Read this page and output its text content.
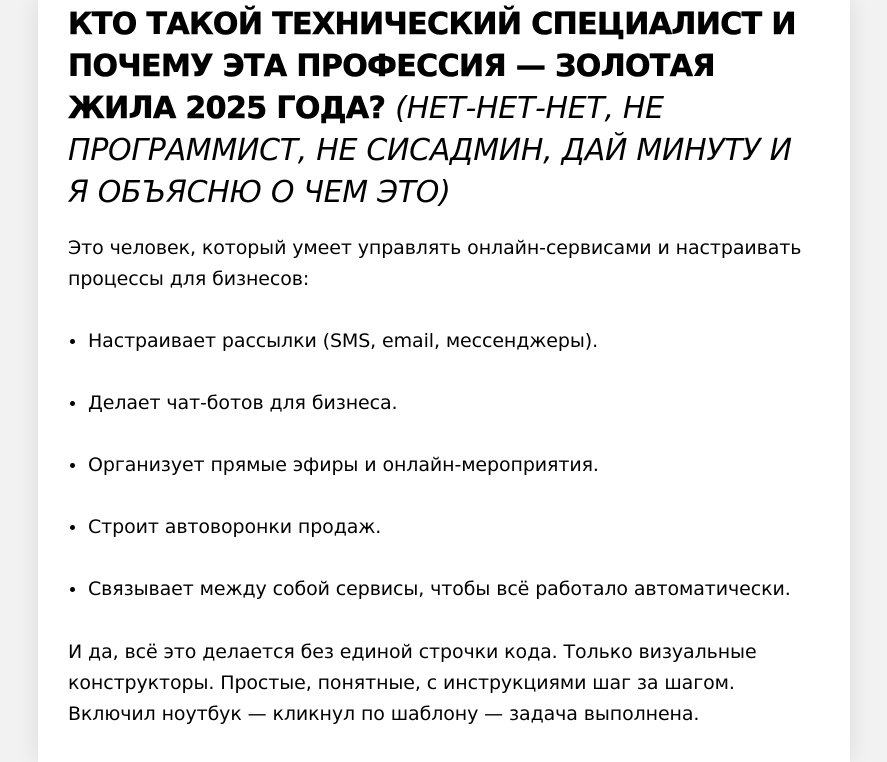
КТО ТАКОЙ ТЕХНИЧЕСКИЙ СПЕЦИАЛИСТ И ПОЧЕМУ ЭТА ПРОФЕССИЯ — ЗОЛОТАЯ ЖИЛА 2025 ГОДА? (НЕТ-НЕТ-НЕТ, НЕ ПРОГРАММИСТ, НЕ СИСАДМИН, ДАЙ МИНУТУ И Я ОБЪЯСНЮ О ЧЕМ ЭТО)

Это человек, который умеет управлять онлайн-сервисами и настраивать процессы для бизнесов:

Настраивает рассылки (SMS, email, мессенджеры).
Делает чат-ботов для бизнеса.
Организует прямые эфиры и онлайн-мероприятия.
Строит автоворонки продаж.
Связывает между собой сервисы, чтобы всё работало автоматически.

И да, всё это делается без единой строчки кода. Только визуальные конструкторы. Простые, понятные, с инструкциями шаг за шагом. Включил ноутбук — кликнул по шаблону — задача выполнена.
